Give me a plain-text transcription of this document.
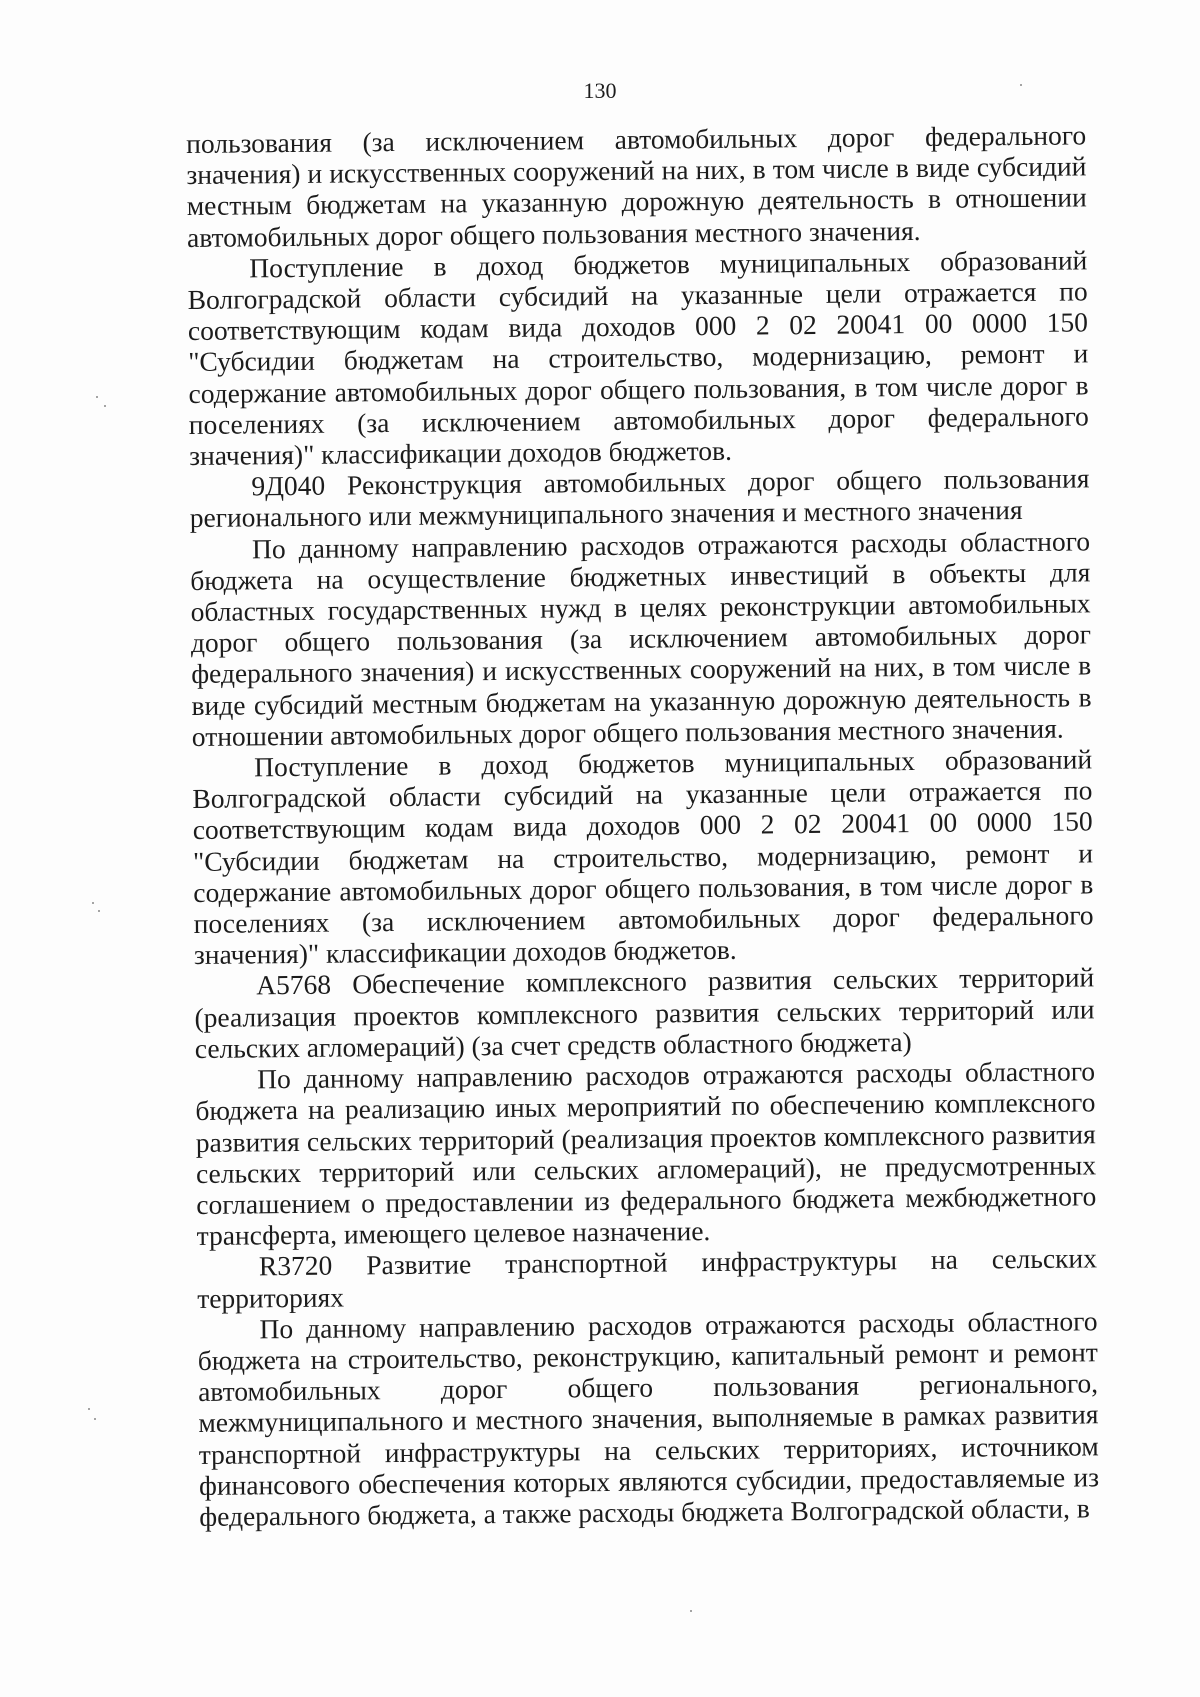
130

пользования (за исключением автомобильных дорог федерального значения) и искусственных сооружений на них, в том числе в виде субсидий местным бюджетам на указанную дорожную деятельность в отношении автомобильных дорог общего пользования местного значения.

Поступление в доход бюджетов муниципальных образований Волгоградской области субсидий на указанные цели отражается по соответствующим кодам вида доходов 000 2 02 20041 00 0000 150 "Субсидии бюджетам на строительство, модернизацию, ремонт и содержание автомобильных дорог общего пользования, в том числе дорог в поселениях (за исключением автомобильных дорог федерального значения)" классификации доходов бюджетов.

9Д040 Реконструкция автомобильных дорог общего пользования регионального или межмуниципального значения и местного значения

По данному направлению расходов отражаются расходы областного бюджета на осуществление бюджетных инвестиций в объекты для областных государственных нужд в целях реконструкции автомобильных дорог общего пользования (за исключением автомобильных дорог федерального значения) и искусственных сооружений на них, в том числе в виде субсидий местным бюджетам на указанную дорожную деятельность в отношении автомобильных дорог общего пользования местного значения.

Поступление в доход бюджетов муниципальных образований Волгоградской области субсидий на указанные цели отражается по соответствующим кодам вида доходов 000 2 02 20041 00 0000 150 "Субсидии бюджетам на строительство, модернизацию, ремонт и содержание автомобильных дорог общего пользования, в том числе дорог в поселениях (за исключением автомобильных дорог федерального значения)" классификации доходов бюджетов.

А5768 Обеспечение комплексного развития сельских территорий (реализация проектов комплексного развития сельских территорий или сельских агломераций) (за счет средств областного бюджета)

По данному направлению расходов отражаются расходы областного бюджета на реализацию иных мероприятий по обеспечению комплексного развития сельских территорий (реализация проектов комплексного развития сельских территорий или сельских агломераций), не предусмотренных соглашением о предоставлении из федерального бюджета межбюджетного трансферта, имеющего целевое назначение.

R3720 Развитие транспортной инфраструктуры на сельских территориях

По данному направлению расходов отражаются расходы областного бюджета на строительство, реконструкцию, капитальный ремонт и ремонт автомобильных дорог общего пользования регионального, межмуниципального и местного значения, выполняемые в рамках развития транспортной инфраструктуры на сельских территориях, источником финансового обеспечения которых являются субсидии, предоставляемые из федерального бюджета, а также расходы бюджета Волгоградской области, в
